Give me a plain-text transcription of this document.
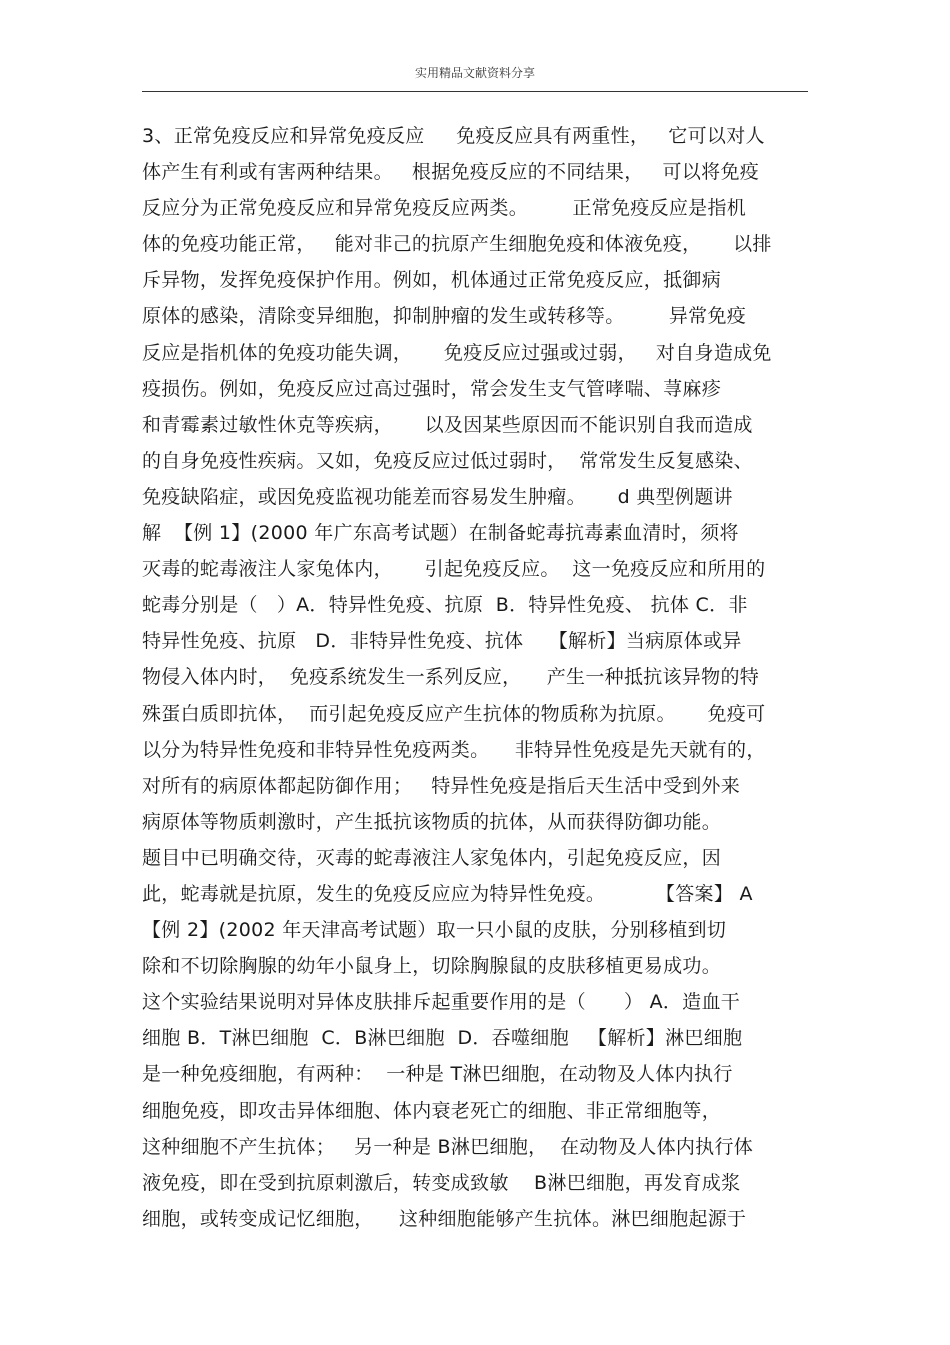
实用精品文献资料分享
3、正常免疫反应和异常免疫反应     免疫反应具有两重性，   它可以对人
体产生有利或有害两种结果。   根据免疫反应的不同结果，   可以将免疫
反应分为正常免疫反应和异常免疫反应两类。       正常免疫反应是指机
体的免疫功能正常，   能对非己的抗原产生细胞免疫和体液免疫，     以排
斥异物，发挥免疫保护作用。例如，机体通过正常免疫反应，抵御病
原体的感染，清除变异细胞，抑制肿瘤的发生或转移等。       异常免疫
反应是指机体的免疫功能失调，     免疫反应过强或过弱，   对自身造成免
疫损伤。例如，免疫反应过高过强时，常会发生支气管哮喘、荨麻疹
和青霉素过敏性休克等疾病，     以及因某些原因而不能识别自我而造成
的自身免疫性疾病。又如，免疫反应过低过弱时，  常常发生反复感染、
免疫缺陷症，或因免疫监视功能差而容易发生肿瘤。     d 典型例题讲
解  【例 1】(2000 年广东高考试题）在制备蛇毒抗毒素血清时，须将
灭毒的蛇毒液注人家兔体内，     引起免疫反应。  这一免疫反应和所用的
蛇毒分别是（   ）A．特异性免疫、抗原  B．特异性免疫、 抗体 C．非
特异性免疫、抗原   D．非特异性免疫、抗体    【解析】当病原体或异
物侵入体内时，  免疫系统发生一系列反应，    产生一种抵抗该异物的特
殊蛋白质即抗体，  而引起免疫反应产生抗体的物质称为抗原。     免疫可
以分为特异性免疫和非特异性免疫两类。    非特异性免疫是先天就有的，
对所有的病原体都起防御作用；   特异性免疫是指后天生活中受到外来
病原体等物质刺激时，产生抵抗该物质的抗体，从而获得防御功能。
题目中已明确交待，灭毒的蛇毒液注人家兔体内，引起免疫反应，因
此，蛇毒就是抗原，发生的免疫反应应为特异性免疫。        【答案】 A
【例 2】(2002 年天津高考试题）取一只小鼠的皮肤，分别移植到切
除和不切除胸腺的幼年小鼠身上，切除胸腺鼠的皮肤移植更易成功。
这个实验结果说明对异体皮肤排斥起重要作用的是（      ） A．造血干
细胞 B．T淋巴细胞  C．B淋巴细胞  D．吞噬细胞   【解析】淋巴细胞
是一种免疫细胞，有两种：  一种是 T淋巴细胞，在动物及人体内执行
细胞免疫，即攻击异体细胞、体内衰老死亡的细胞、非正常细胞等，
这种细胞不产生抗体；   另一种是 B淋巴细胞，  在动物及人体内执行体
液免疫，即在受到抗原刺激后，转变成致敏    B淋巴细胞，再发育成浆
细胞，或转变成记忆细胞，    这种细胞能够产生抗体。淋巴细胞起源于
